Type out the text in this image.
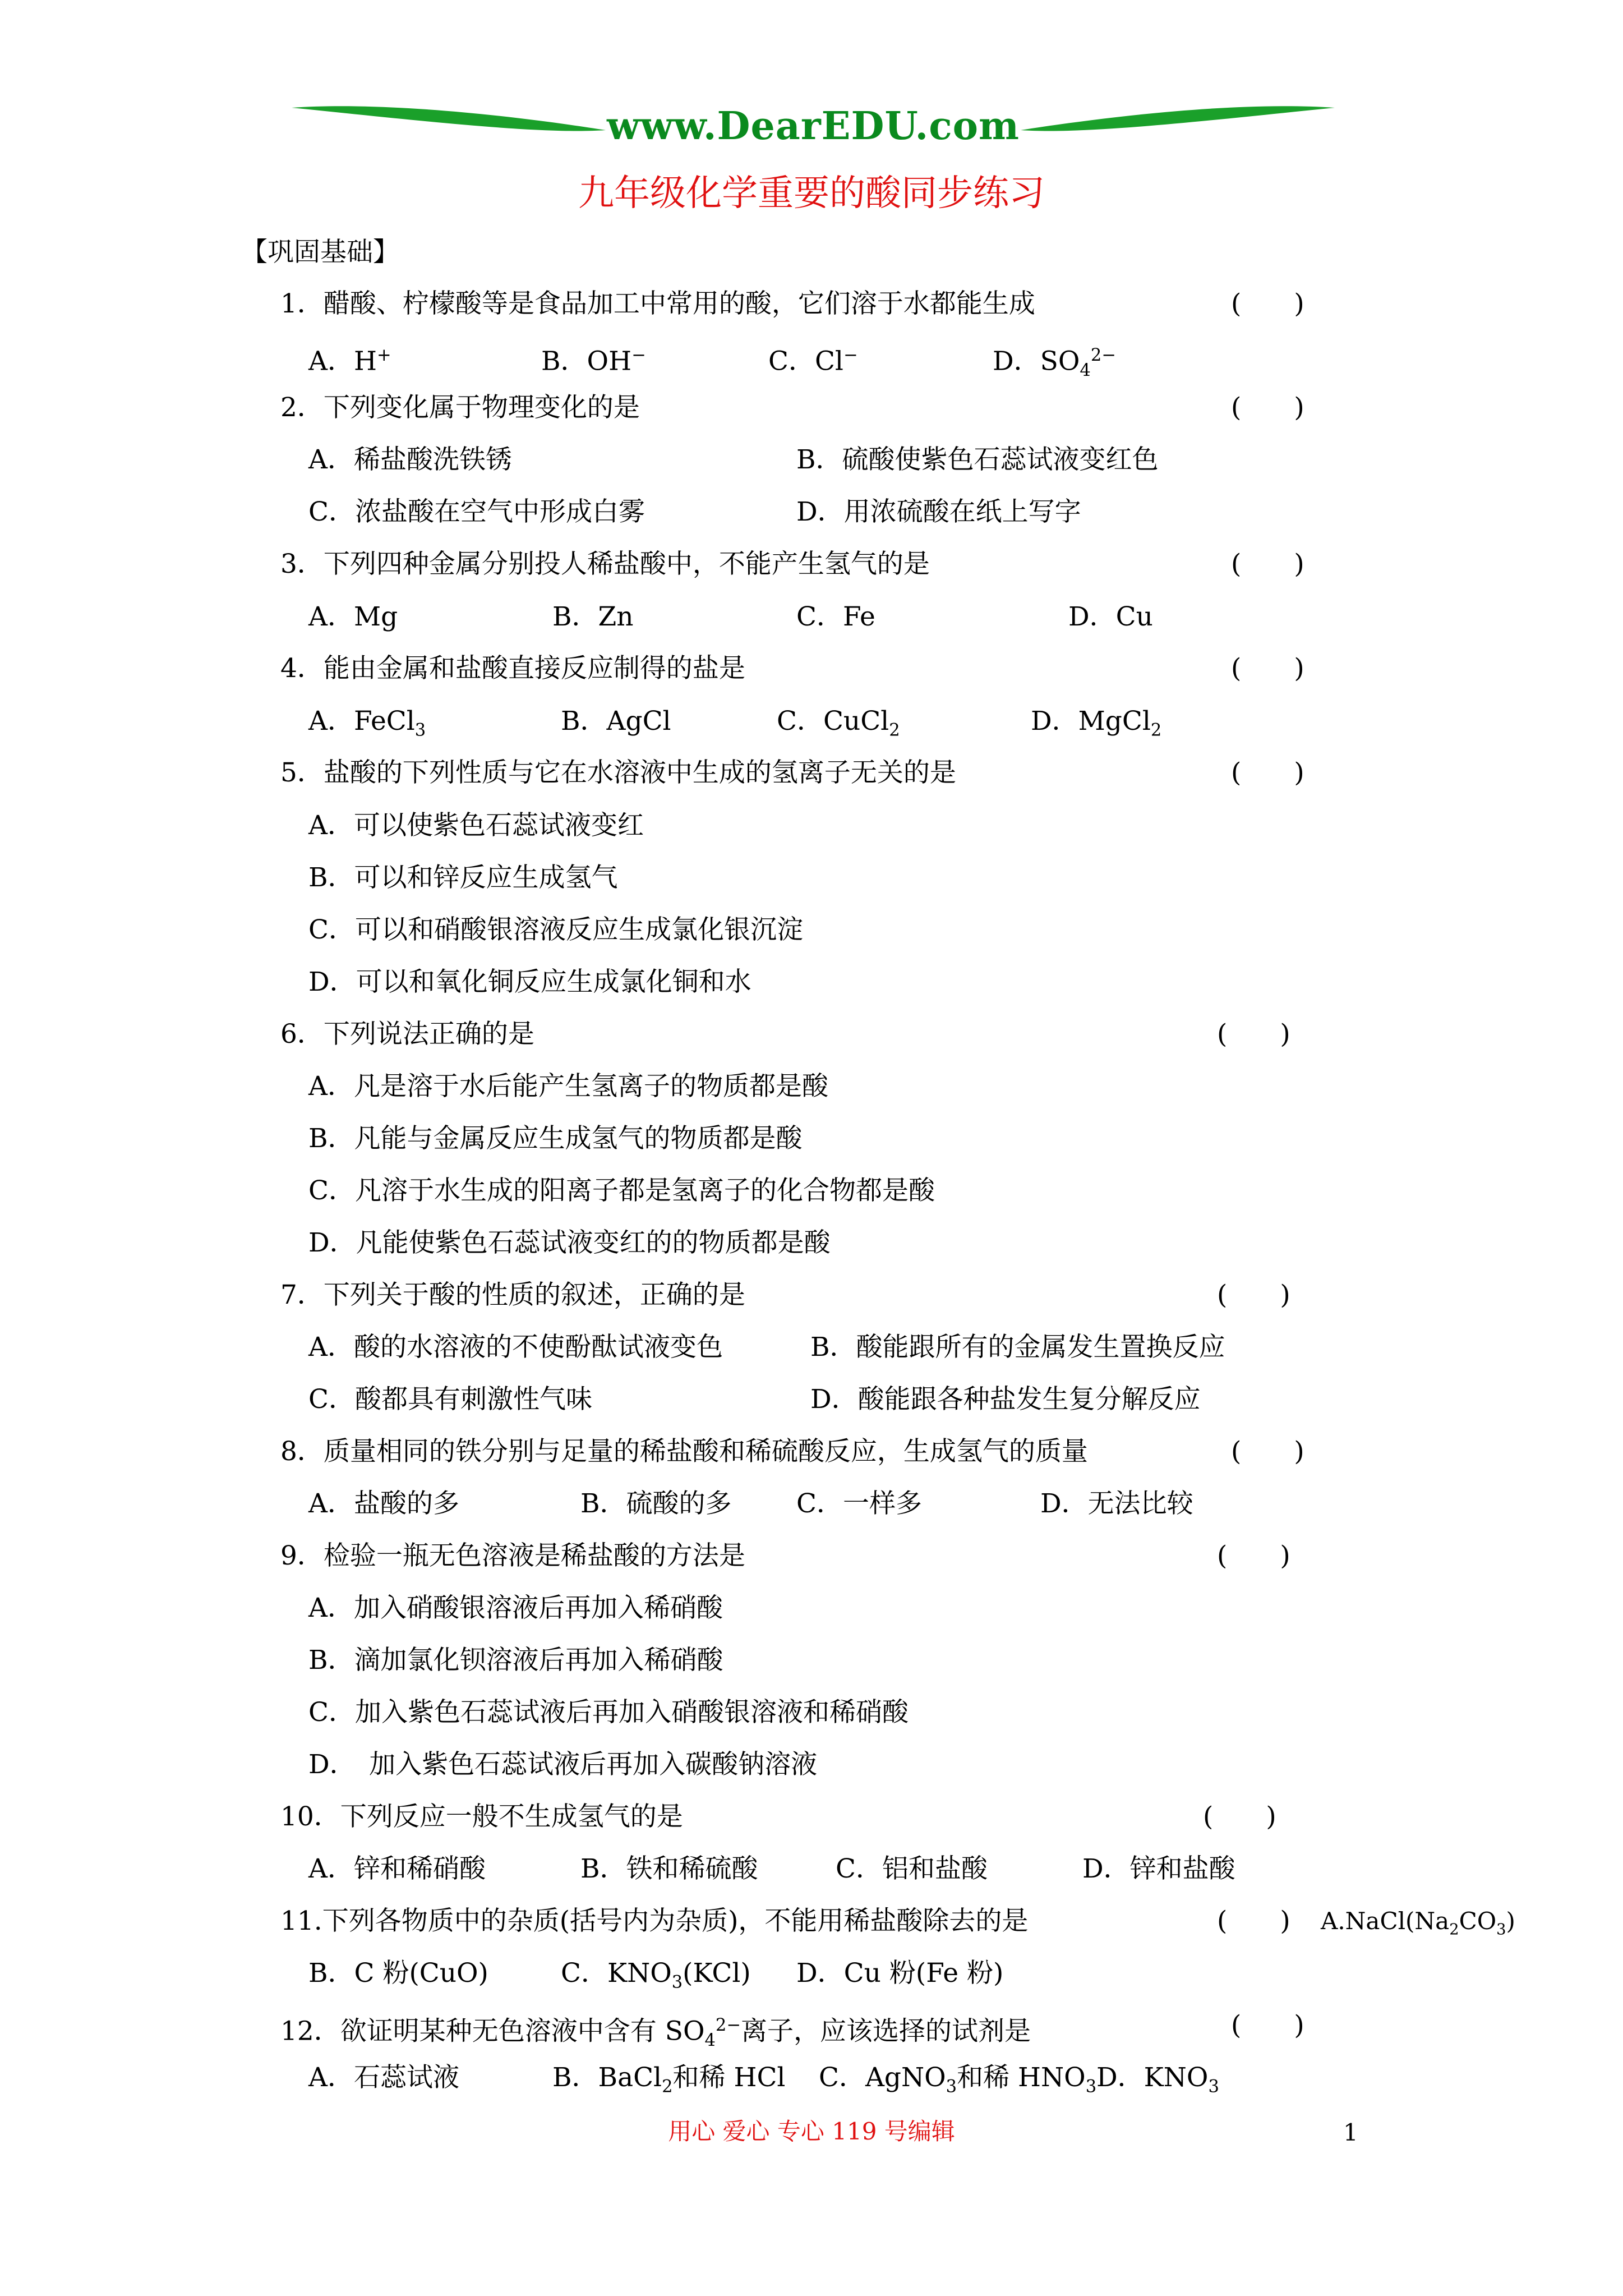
www.DearEDU.com
九年级化学重要的酸同步练习
【巩固基础】
1．醋酸、柠檬酸等是食品加工中常用的酸，它们溶于水都能生成	(　　)
A．H+	B．OH−	C．Cl−	D．$SO_4^{2-}$
2．下列变化属于物理变化的是	(　　)
A．稀盐酸洗铁锈	B．硫酸使紫色石蕊试液变红色
C．浓盐酸在空气中形成白雾	D．用浓硫酸在纸上写字
3．下列四种金属分别投人稀盐酸中，不能产生氢气的是	(　　)
A．Mg	B．Zn	C．Fe	D．Cu
4．能由金属和盐酸直接反应制得的盐是	(　　)
A．FeCl$_3$	B．AgCl	C．CuCl$_2$	D．MgCl$_2$
5．盐酸的下列性质与它在水溶液中生成的氢离子无关的是	(　　)
A．可以使紫色石蕊试液变红
B．可以和锌反应生成氢气
C．可以和硝酸银溶液反应生成氯化银沉淀
D．可以和氧化铜反应生成氯化铜和水
6．下列说法正确的是	(　　)
A．凡是溶于水后能产生氢离子的物质都是酸
B．凡能与金属反应生成氢气的物质都是酸
C．凡溶于水生成的阳离子都是氢离子的化合物都是酸
D．凡能使紫色石蕊试液变红的的物质都是酸
7．下列关于酸的性质的叙述，正确的是	(　　)
A．酸的水溶液的不使酚酞试液变色	B．酸能跟所有的金属发生置换反应
C．酸都具有刺激性气味	D．酸能跟各种盐发生复分解反应
8．质量相同的铁分别与足量的稀盐酸和稀硫酸反应，生成氢气的质量	(　　)
A．盐酸的多	B．硫酸的多 C．一样多	D．无法比较
9．检验一瓶无色溶液是稀盐酸的方法是	(　　)
A．加入硝酸银溶液后再加入稀硝酸
B．滴加氯化钡溶液后再加入稀硝酸
C．加入紫色石蕊试液后再加入硝酸银溶液和稀硝酸
D．　加入紫色石蕊试液后再加入碳酸钠溶液
10．下列反应一般不生成氢气的是	(　　)
A．锌和稀硝酸	B．铁和稀硫酸	C．铝和盐酸	D．锌和盐酸
11.下列各物质中的杂质(括号内为杂质)，不能用稀盐酸除去的是	(　　) $A.NaCl(Na_2CO_3)$
B．C 粉(CuO)	C．$KNO_3(KCl)$ D．Cu 粉(Fe 粉)
12．欲证明某种无色溶液中含有 $SO_4^{2-}$离子，应该选择的试剂是	(　　)
A．石蕊试液	B．BaCl$_2$和稀 HCl C．AgNO$_3$和稀 $HNO_3$ D．$KNO_3$
用心 爱心 专心 119 号编辑	1
